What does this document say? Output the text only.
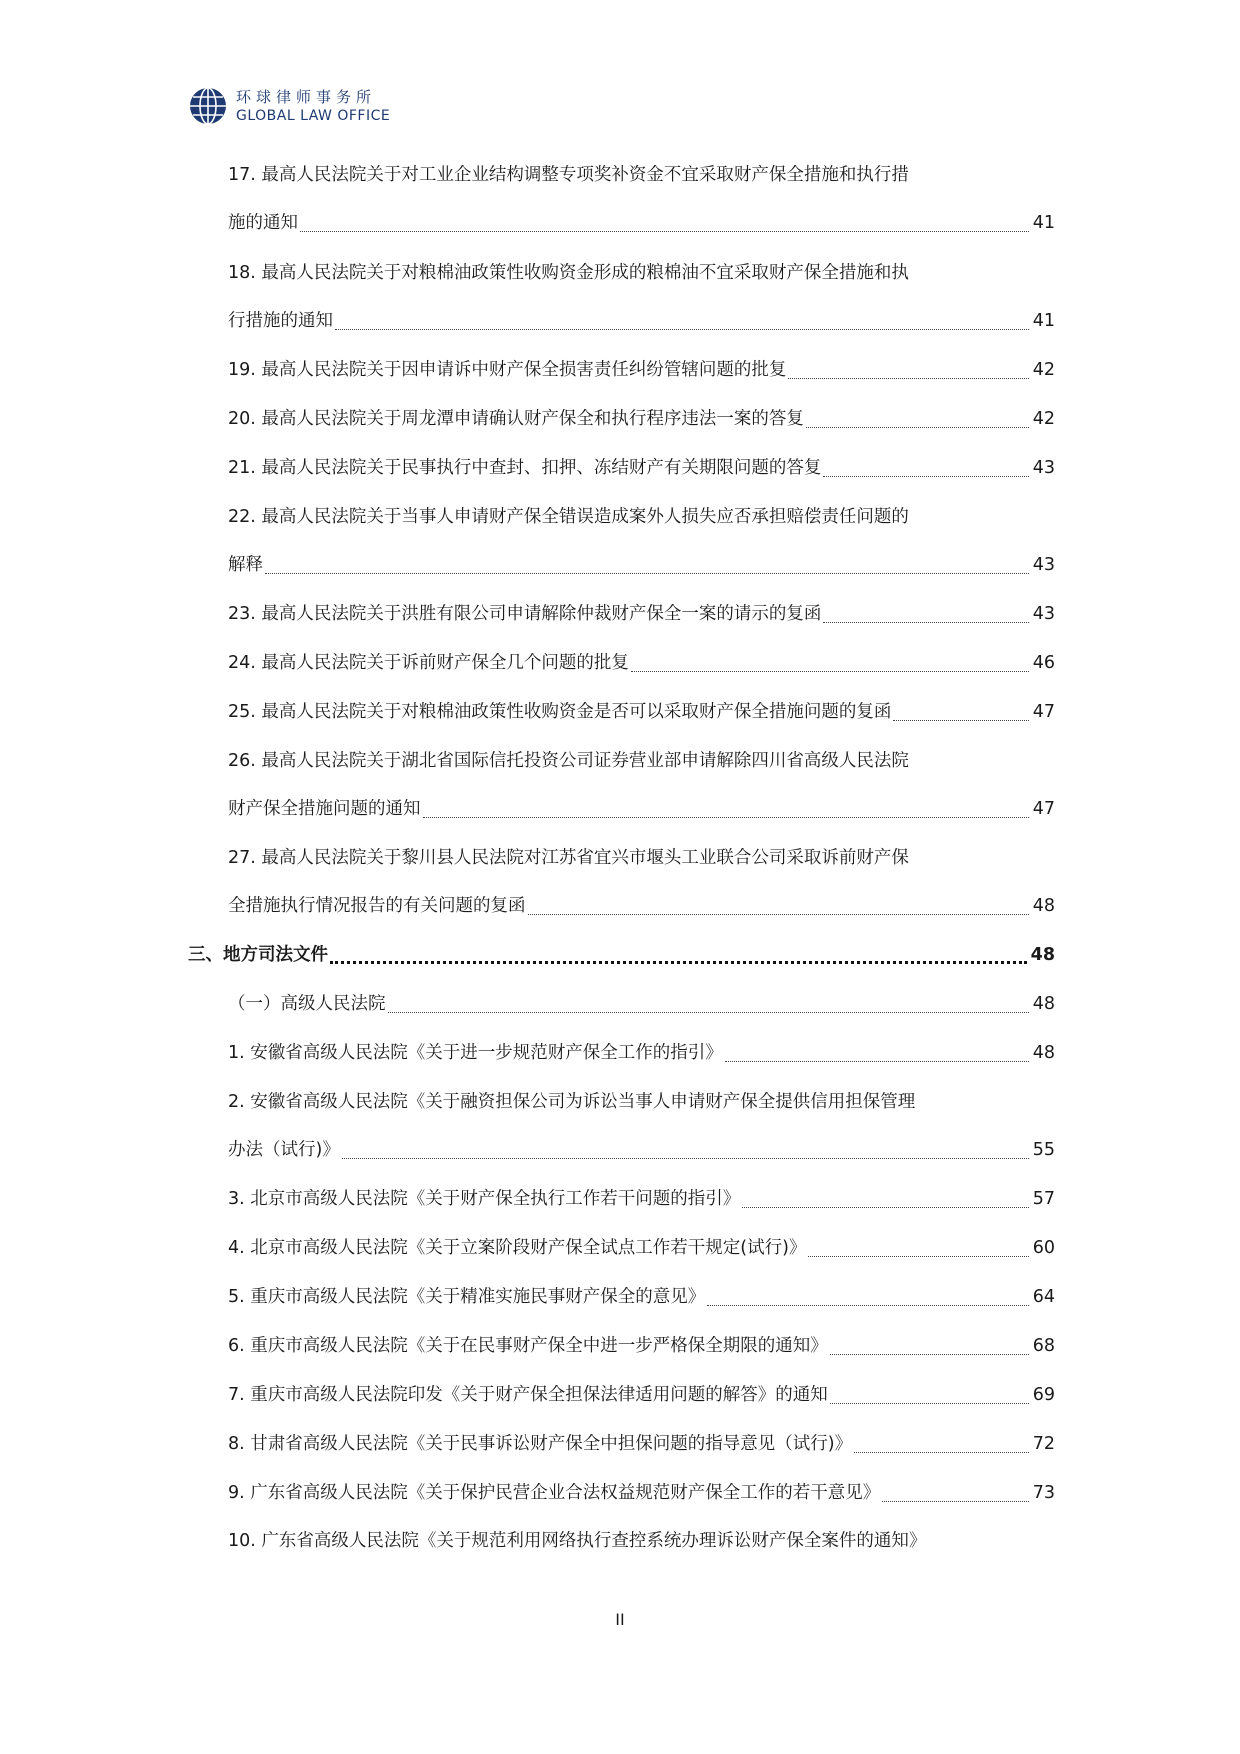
环球律师事务所
GLOBAL LAW OFFICE
17. 最高人民法院关于对工业企业结构调整专项奖补资金不宜采取财产保全措施和执行措
施的通知	41
18. 最高人民法院关于对粮棉油政策性收购资金形成的粮棉油不宜采取财产保全措施和执
行措施的通知	41
19. 最高人民法院关于因申请诉中财产保全损害责任纠纷管辖问题的批复	42
20. 最高人民法院关于周龙潭申请确认财产保全和执行程序违法一案的答复	42
21. 最高人民法院关于民事执行中查封、扣押、冻结财产有关期限问题的答复	43
22. 最高人民法院关于当事人申请财产保全错误造成案外人损失应否承担赔偿责任问题的
解释	43
23. 最高人民法院关于洪胜有限公司申请解除仲裁财产保全一案的请示的复函	43
24. 最高人民法院关于诉前财产保全几个问题的批复	46
25. 最高人民法院关于对粮棉油政策性收购资金是否可以采取财产保全措施问题的复函	47
26. 最高人民法院关于湖北省国际信托投资公司证券营业部申请解除四川省高级人民法院
财产保全措施问题的通知	47
27. 最高人民法院关于黎川县人民法院对江苏省宜兴市堰头工业联合公司采取诉前财产保
全措施执行情况报告的有关问题的复函	48
三、地方司法文件	48
（一）高级人民法院	48
1. 安徽省高级人民法院《关于进一步规范财产保全工作的指引》	48
2. 安徽省高级人民法院《关于融资担保公司为诉讼当事人申请财产保全提供信用担保管理
办法（试行)》	55
3. 北京市高级人民法院《关于财产保全执行工作若干问题的指引》	57
4. 北京市高级人民法院《关于立案阶段财产保全试点工作若干规定(试行)》	60
5. 重庆市高级人民法院《关于精准实施民事财产保全的意见》	64
6. 重庆市高级人民法院《关于在民事财产保全中进一步严格保全期限的通知》	68
7. 重庆市高级人民法院印发《关于财产保全担保法律适用问题的解答》的通知	69
8. 甘肃省高级人民法院《关于民事诉讼财产保全中担保问题的指导意见（试行)》	72
9. 广东省高级人民法院《关于保护民营企业合法权益规范财产保全工作的若干意见》	73
10. 广东省高级人民法院《关于规范利用网络执行查控系统办理诉讼财产保全案件的通知》
II
